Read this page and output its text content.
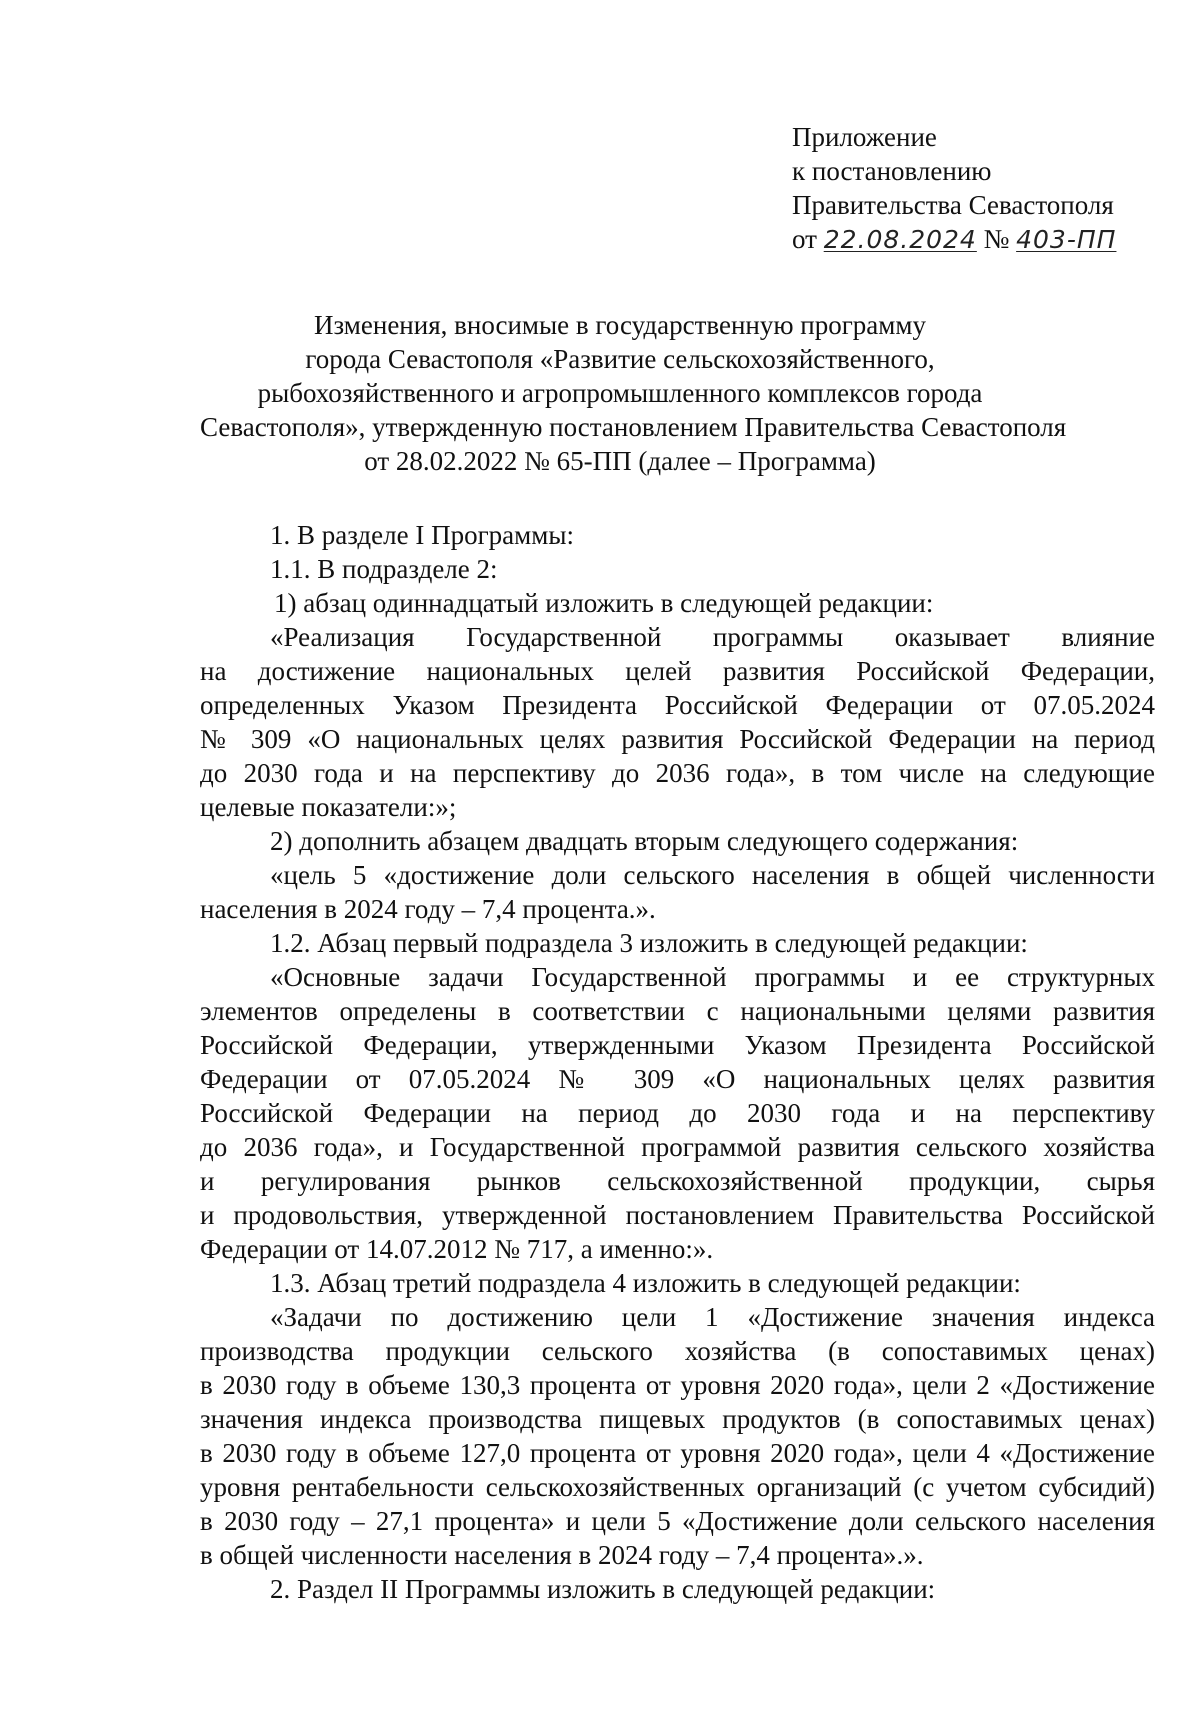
Приложение
к постановлению
Правительства Севастополя
от 22.08.2024 № 403-ПП
Изменения, вносимые в государственную программу
города Севастополя «Развитие сельскохозяйственного,
рыбохозяйственного и агропромышленного комплексов города
Севастополя», утвержденную постановлением Правительства Севастополя
от 28.02.2022 № 65-ПП (далее – Программа)
1. В разделе I Программы:
1.1. В подразделе 2:
1) абзац одиннадцатый изложить в следующей редакции:
«Реализация Государственной программы оказывает влияние
на достижение национальных целей развития Российской Федерации,
определенных Указом Президента Российской Федерации от 07.05.2024
№ 309 «О национальных целях развития Российской Федерации на период
до 2030 года и на перспективу до 2036 года», в том числе на следующие
целевые показатели:»;
2) дополнить абзацем двадцать вторым следующего содержания:
«цель 5 «достижение доли сельского населения в общей численности
населения в 2024 году – 7,4 процента.».
1.2. Абзац первый подраздела 3 изложить в следующей редакции:
«Основные задачи Государственной программы и ее структурных
элементов определены в соответствии с национальными целями развития
Российской Федерации, утвержденными Указом Президента Российской
Федерации от 07.05.2024 № 309 «О национальных целях развития
Российской Федерации на период до 2030 года и на перспективу
до 2036 года», и Государственной программой развития сельского хозяйства
и регулирования рынков сельскохозяйственной продукции, сырья
и продовольствия, утвержденной постановлением Правительства Российской
Федерации от 14.07.2012 № 717, а именно:».
1.3. Абзац третий подраздела 4 изложить в следующей редакции:
«Задачи по достижению цели 1 «Достижение значения индекса
производства продукции сельского хозяйства (в сопоставимых ценах)
в 2030 году в объеме 130,3 процента от уровня 2020 года», цели 2 «Достижение
значения индекса производства пищевых продуктов (в сопоставимых ценах)
в 2030 году в объеме 127,0 процента от уровня 2020 года», цели 4 «Достижение
уровня рентабельности сельскохозяйственных организаций (с учетом субсидий)
в 2030 году – 27,1 процента» и цели 5 «Достижение доли сельского населения
в общей численности населения в 2024 году – 7,4 процента».».
2. Раздел II Программы изложить в следующей редакции:
